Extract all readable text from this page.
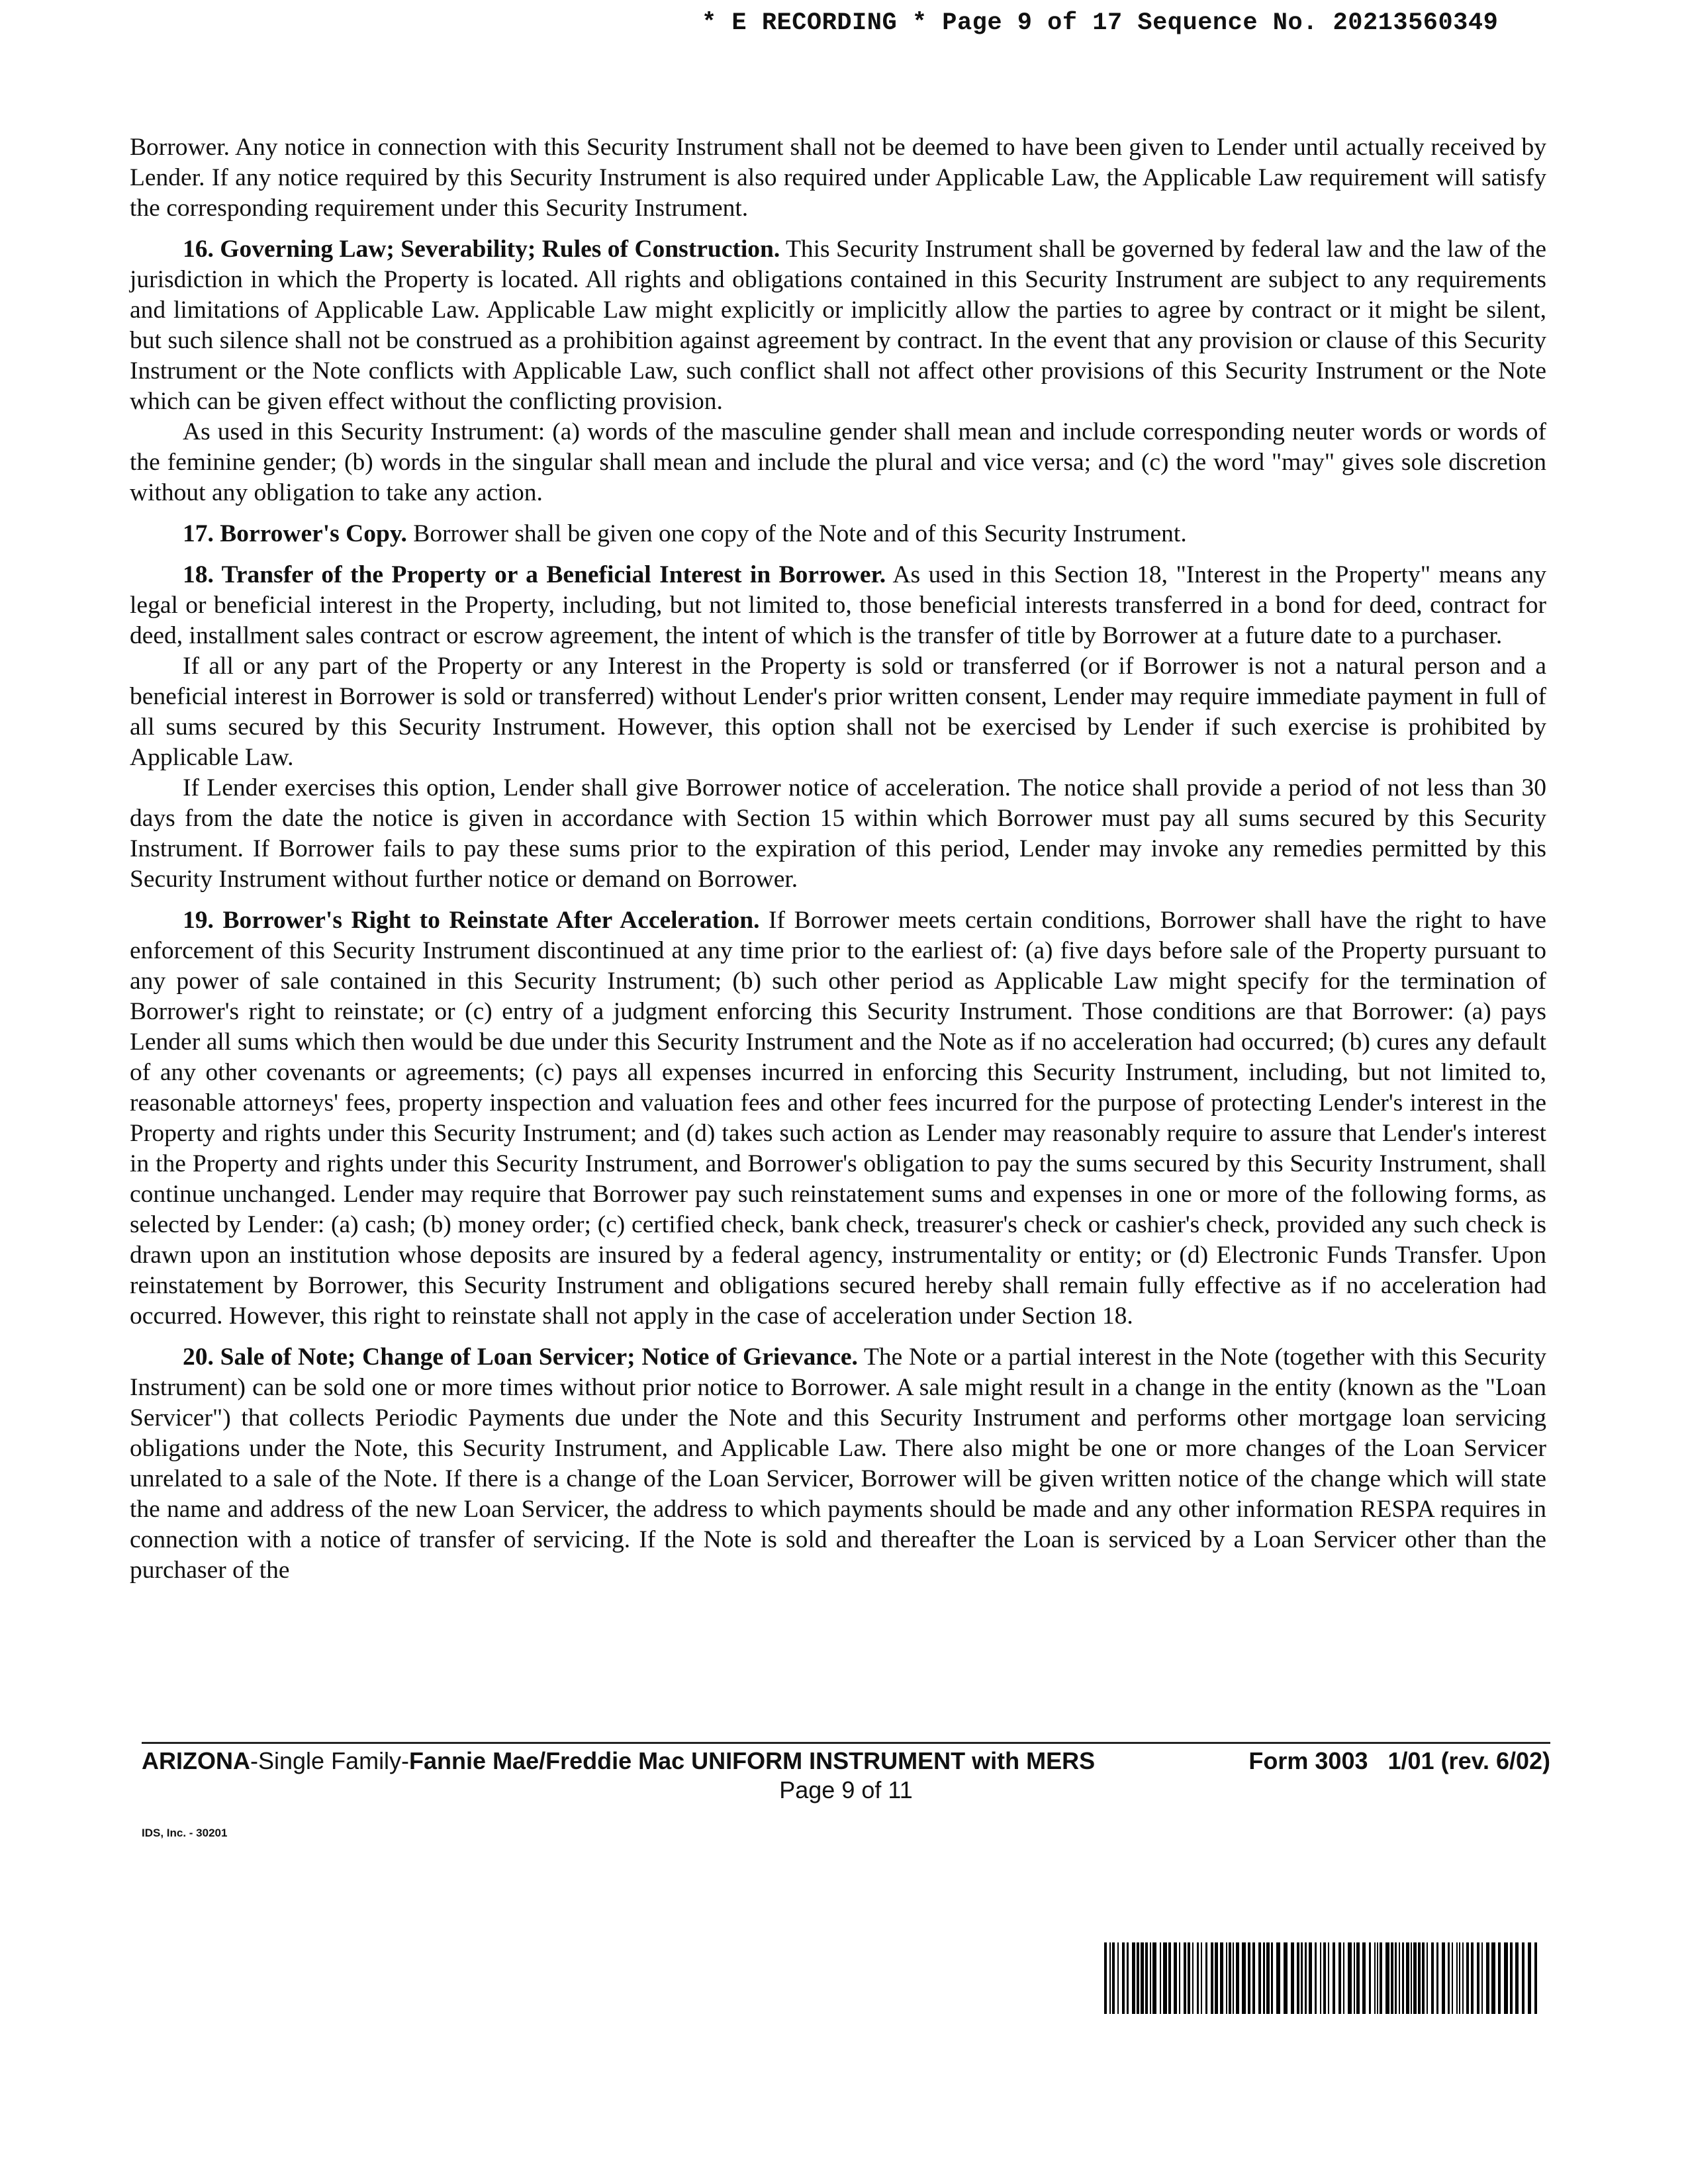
* E RECORDING * Page 9 of 17 Sequence No. 20213560349

Borrower. Any notice in connection with this Security Instrument shall not be deemed to have been given to Lender until actually received by Lender. If any notice required by this Security Instrument is also required under Applicable Law, the Applicable Law requirement will satisfy the corresponding requirement under this Security Instrument.

16. Governing Law; Severability; Rules of Construction. This Security Instrument shall be governed by federal law and the law of the jurisdiction in which the Property is located. All rights and obligations contained in this Security Instrument are subject to any requirements and limitations of Applicable Law. Applicable Law might explicitly or implicitly allow the parties to agree by contract or it might be silent, but such silence shall not be construed as a prohibition against agreement by contract. In the event that any provision or clause of this Security Instrument or the Note conflicts with Applicable Law, such conflict shall not affect other provisions of this Security Instrument or the Note which can be given effect without the conflicting provision.

As used in this Security Instrument: (a) words of the masculine gender shall mean and include corresponding neuter words or words of the feminine gender; (b) words in the singular shall mean and include the plural and vice versa; and (c) the word "may" gives sole discretion without any obligation to take any action.

17. Borrower's Copy. Borrower shall be given one copy of the Note and of this Security Instrument.

18. Transfer of the Property or a Beneficial Interest in Borrower. As used in this Section 18, "Interest in the Property" means any legal or beneficial interest in the Property, including, but not limited to, those beneficial interests transferred in a bond for deed, contract for deed, installment sales contract or escrow agreement, the intent of which is the transfer of title by Borrower at a future date to a purchaser.

If all or any part of the Property or any Interest in the Property is sold or transferred (or if Borrower is not a natural person and a beneficial interest in Borrower is sold or transferred) without Lender's prior written consent, Lender may require immediate payment in full of all sums secured by this Security Instrument. However, this option shall not be exercised by Lender if such exercise is prohibited by Applicable Law.

If Lender exercises this option, Lender shall give Borrower notice of acceleration. The notice shall provide a period of not less than 30 days from the date the notice is given in accordance with Section 15 within which Borrower must pay all sums secured by this Security Instrument. If Borrower fails to pay these sums prior to the expiration of this period, Lender may invoke any remedies permitted by this Security Instrument without further notice or demand on Borrower.

19. Borrower's Right to Reinstate After Acceleration. If Borrower meets certain conditions, Borrower shall have the right to have enforcement of this Security Instrument discontinued at any time prior to the earliest of: (a) five days before sale of the Property pursuant to any power of sale contained in this Security Instrument; (b) such other period as Applicable Law might specify for the termination of Borrower's right to reinstate; or (c) entry of a judgment enforcing this Security Instrument. Those conditions are that Borrower: (a) pays Lender all sums which then would be due under this Security Instrument and the Note as if no acceleration had occurred; (b) cures any default of any other covenants or agreements; (c) pays all expenses incurred in enforcing this Security Instrument, including, but not limited to, reasonable attorneys' fees, property inspection and valuation fees and other fees incurred for the purpose of protecting Lender's interest in the Property and rights under this Security Instrument; and (d) takes such action as Lender may reasonably require to assure that Lender's interest in the Property and rights under this Security Instrument, and Borrower's obligation to pay the sums secured by this Security Instrument, shall continue unchanged. Lender may require that Borrower pay such reinstatement sums and expenses in one or more of the following forms, as selected by Lender: (a) cash; (b) money order; (c) certified check, bank check, treasurer's check or cashier's check, provided any such check is drawn upon an institution whose deposits are insured by a federal agency, instrumentality or entity; or (d) Electronic Funds Transfer. Upon reinstatement by Borrower, this Security Instrument and obligations secured hereby shall remain fully effective as if no acceleration had occurred. However, this right to reinstate shall not apply in the case of acceleration under Section 18.

20. Sale of Note; Change of Loan Servicer; Notice of Grievance. The Note or a partial interest in the Note (together with this Security Instrument) can be sold one or more times without prior notice to Borrower. A sale might result in a change in the entity (known as the "Loan Servicer") that collects Periodic Payments due under the Note and this Security Instrument and performs other mortgage loan servicing obligations under the Note, this Security Instrument, and Applicable Law. There also might be one or more changes of the Loan Servicer unrelated to a sale of the Note. If there is a change of the Loan Servicer, Borrower will be given written notice of the change which will state the name and address of the new Loan Servicer, the address to which payments should be made and any other information RESPA requires in connection with a notice of transfer of servicing. If the Note is sold and thereafter the Loan is serviced by a Loan Servicer other than the purchaser of the

ARIZONA-Single Family-Fannie Mae/Freddie Mac UNIFORM INSTRUMENT with MERS	Form 3003   1/01 (rev. 6/02)
Page 9 of 11
IDS, Inc. - 30201
